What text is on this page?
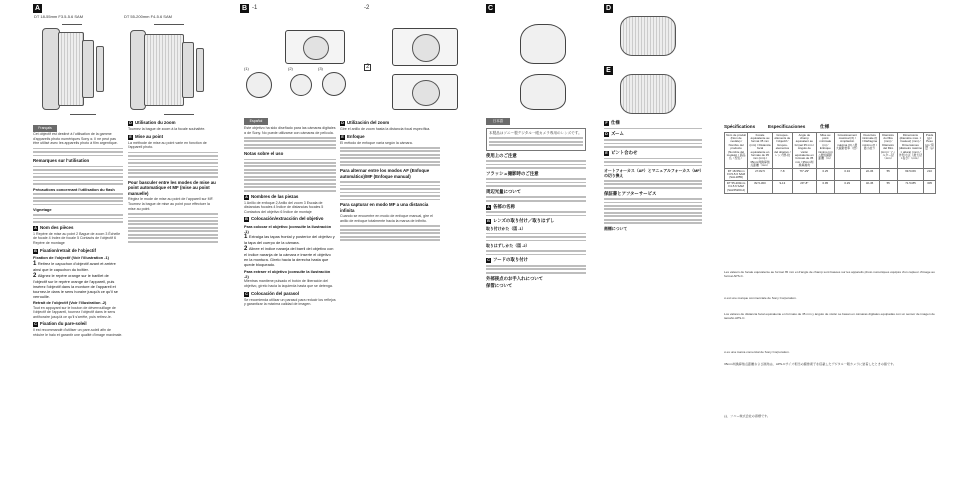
A
DT 18-55mm F3.5-5.6 SAM	DT 55-200mm F4-5.6 SAM
B -1
(1)	(2)	(3)
-2
2
C	D
E
Français

Cet objectif est destiné à l'utilisation de la gamme d'appareils photo numériques Sony α. Il ne peut pas être utilisé avec les appareils photo à film argentique.

Remarques sur l'utilisation
Précautions concernant l'utilisation du flash
Vignetage
A Nom des pièces

1 Repère de mise au point 2 Bague de zoom 3 Échelle de focale 4 Index de focale 5 Contacts de l'objectif 6 Repère de montage

B Fixation/retrait de l'objectif
Fixation de l'objectif (Voir l'illustration -1)
1 Retirez le capuchon d'objectif avant et arrière ainsi que le capuchon du boîtier.
2 Alignez le repère orange sur le barillet de l'objectif sur le repère orange de l'appareil, puis insérez l'objectif dans la monture de l'appareil et tournez-le dans le sens horaire jusqu'à ce qu'il se verrouille.
Retrait de l'objectif (Voir l'illustration -2)

Tout en appuyant sur le bouton de déverrouillage de l'objectif de l'appareil, tournez l'objectif dans le sens antihoraire jusqu'à ce qu'il s'arrête, puis retirez-le.

C Fixation du pare-soleil

Il est recommandé d'utiliser un pare-soleil afin de réduire le halo et garantir une qualité d'image maximale.

D Utilisation du zoom

Tournez la bague de zoom à la focale souhaitée.

E Mise au point

La méthode de mise au point varie en fonction de l'appareil photo.

Pour basculer entre les modes de mise au point automatique et MF (mise au point manuelle)

Réglez le mode de mise au point de l'appareil sur MF. Tournez la bague de mise au point pour effectuer la mise au point.

Español

Este objetivo ha sido diseñado para las cámaras digitales α de Sony. No puede utilizarse con cámaras de película.

Notas sobre el uso
A Nombres de las piezas

1 Anillo de enfoque 2 Anillo del zoom 3 Escala de distancias focales 4 Índice de distancias focales 5 Contactos del objetivo 6 Índice de montaje

B Colocación/extracción del objetivo
Para colocar el objetivo (consulte la ilustración -1)
1 Extraiga las tapas frontal y posterior del objetivo y la tapa del cuerpo de la cámara.
2 Alinee el índice naranja del barril del objetivo con el índice naranja de la cámara e inserte el objetivo en la montura. Gírelo hacia la derecha hasta que quede bloqueado.
Para extraer el objetivo (consulte la ilustración -2)

Mientras mantiene pulsado el botón de liberación del objetivo, gírelo hacia la izquierda hasta que se detenga.

C Colocación del parasol

Se recomienda utilizar un parasol para reducir los reflejos y garantizar la máxima calidad de imagen.

D Utilización del zoom

Gire el anillo de zoom hasta la distancia focal específica.

E Enfoque

El método de enfoque varía según la cámara.

Para alternar entre los modos AF (Enfoque automático)/MF (Enfoque manual)
Para capturar en modo MF a una distancia infinita

Cuando se encuentre en modo de enfoque manual, gire el anillo de enfoque totalmente hacia la marca de infinito.

日本語

本製品はソニー製デジタル一眼カメラ専用のレンズです。

使用上のご注意
フラッシュ撮影時のご注意
周辺光量について
A 各部の名称
B レンズの取り付け／取りはずし
取り付けかた（図 -1）
取りはずしかた（図 -2）
C フードの取り付け
外部接点のお手入れについて
保管について
F 仕様
D ズーム
E ピント合わせ
オートフォーカス（AF）とマニュアルフォーカス（MF）の切り換え
保証書とアフターサービス
商標について
Spécifications	Especificaciones	仕様
Nom de produit (Nom de modèle) / Nombre del producto (Nombre del modelo) / 商品名（型名）	Focale équivalente au format 35 mm (mm) / Distancia focal equivalente en formato de 35 mm (mm) / 35mm判換算焦点距離（mm）	Groupes-éléments de l'objectif / Grupos-elementos del objetivo / レンズ群-枚	Angle de champ équivalent au format 35 mm / Ángulo de visión equivalente en formato de 35 mm / 35mm判換算画角	Mise au point minimale (m) / Enfoque mínimo (m) / 最短撮影距離（m）	Grossissement maximal (X) / Ampliación máxima (X) / 最大撮影倍率（倍）	Ouverture minimale (f) / Diafragma mínimo (f) / 最小絞り	Diamètre du filtre (mm) / Diámetro del filtro (mm) / フィルター径（mm）	Dimensions (diamètre max. × hauteur) (mm) / Dimensiones (diámetro máximo × altura) (mm) / 外形寸法（最大径×長さ）（mm）	Poids (g) / Peso (g) / 質量（g）
DT 18-55mm F3.5-5.6 SAM (SAL1855)	27-82.5	7-8	76°-29°	0.25	0.34	22-36	55	69.5×69	210
DT 55-200mm F4-5.6 SAM (SAL55200-2)	82.5-300	9-13	29°-8°	0.95	0.29	32-45	55	71.5×85	305
Les valeurs de focale équivalente au format 35 mm et d'angle de champ sont basées sur les appareils photo numériques équipés d'un capteur d'image au format APS-C.
α est une marque commerciale de Sony Corporation.
Los valores de distancia focal equivalente en formato de 35 mm y ángulo de visión se basan en cámaras digitales equipadas con un sensor de imagen de tamaño APS-C.
α es una marca comercial de Sony Corporation.
35mm判換算焦点距離および画角は、APS-Cサイズ相当の撮像素子を搭載したデジタル一眼カメラに装着したときの値です。
は、ソニー株式会社の商標です。
